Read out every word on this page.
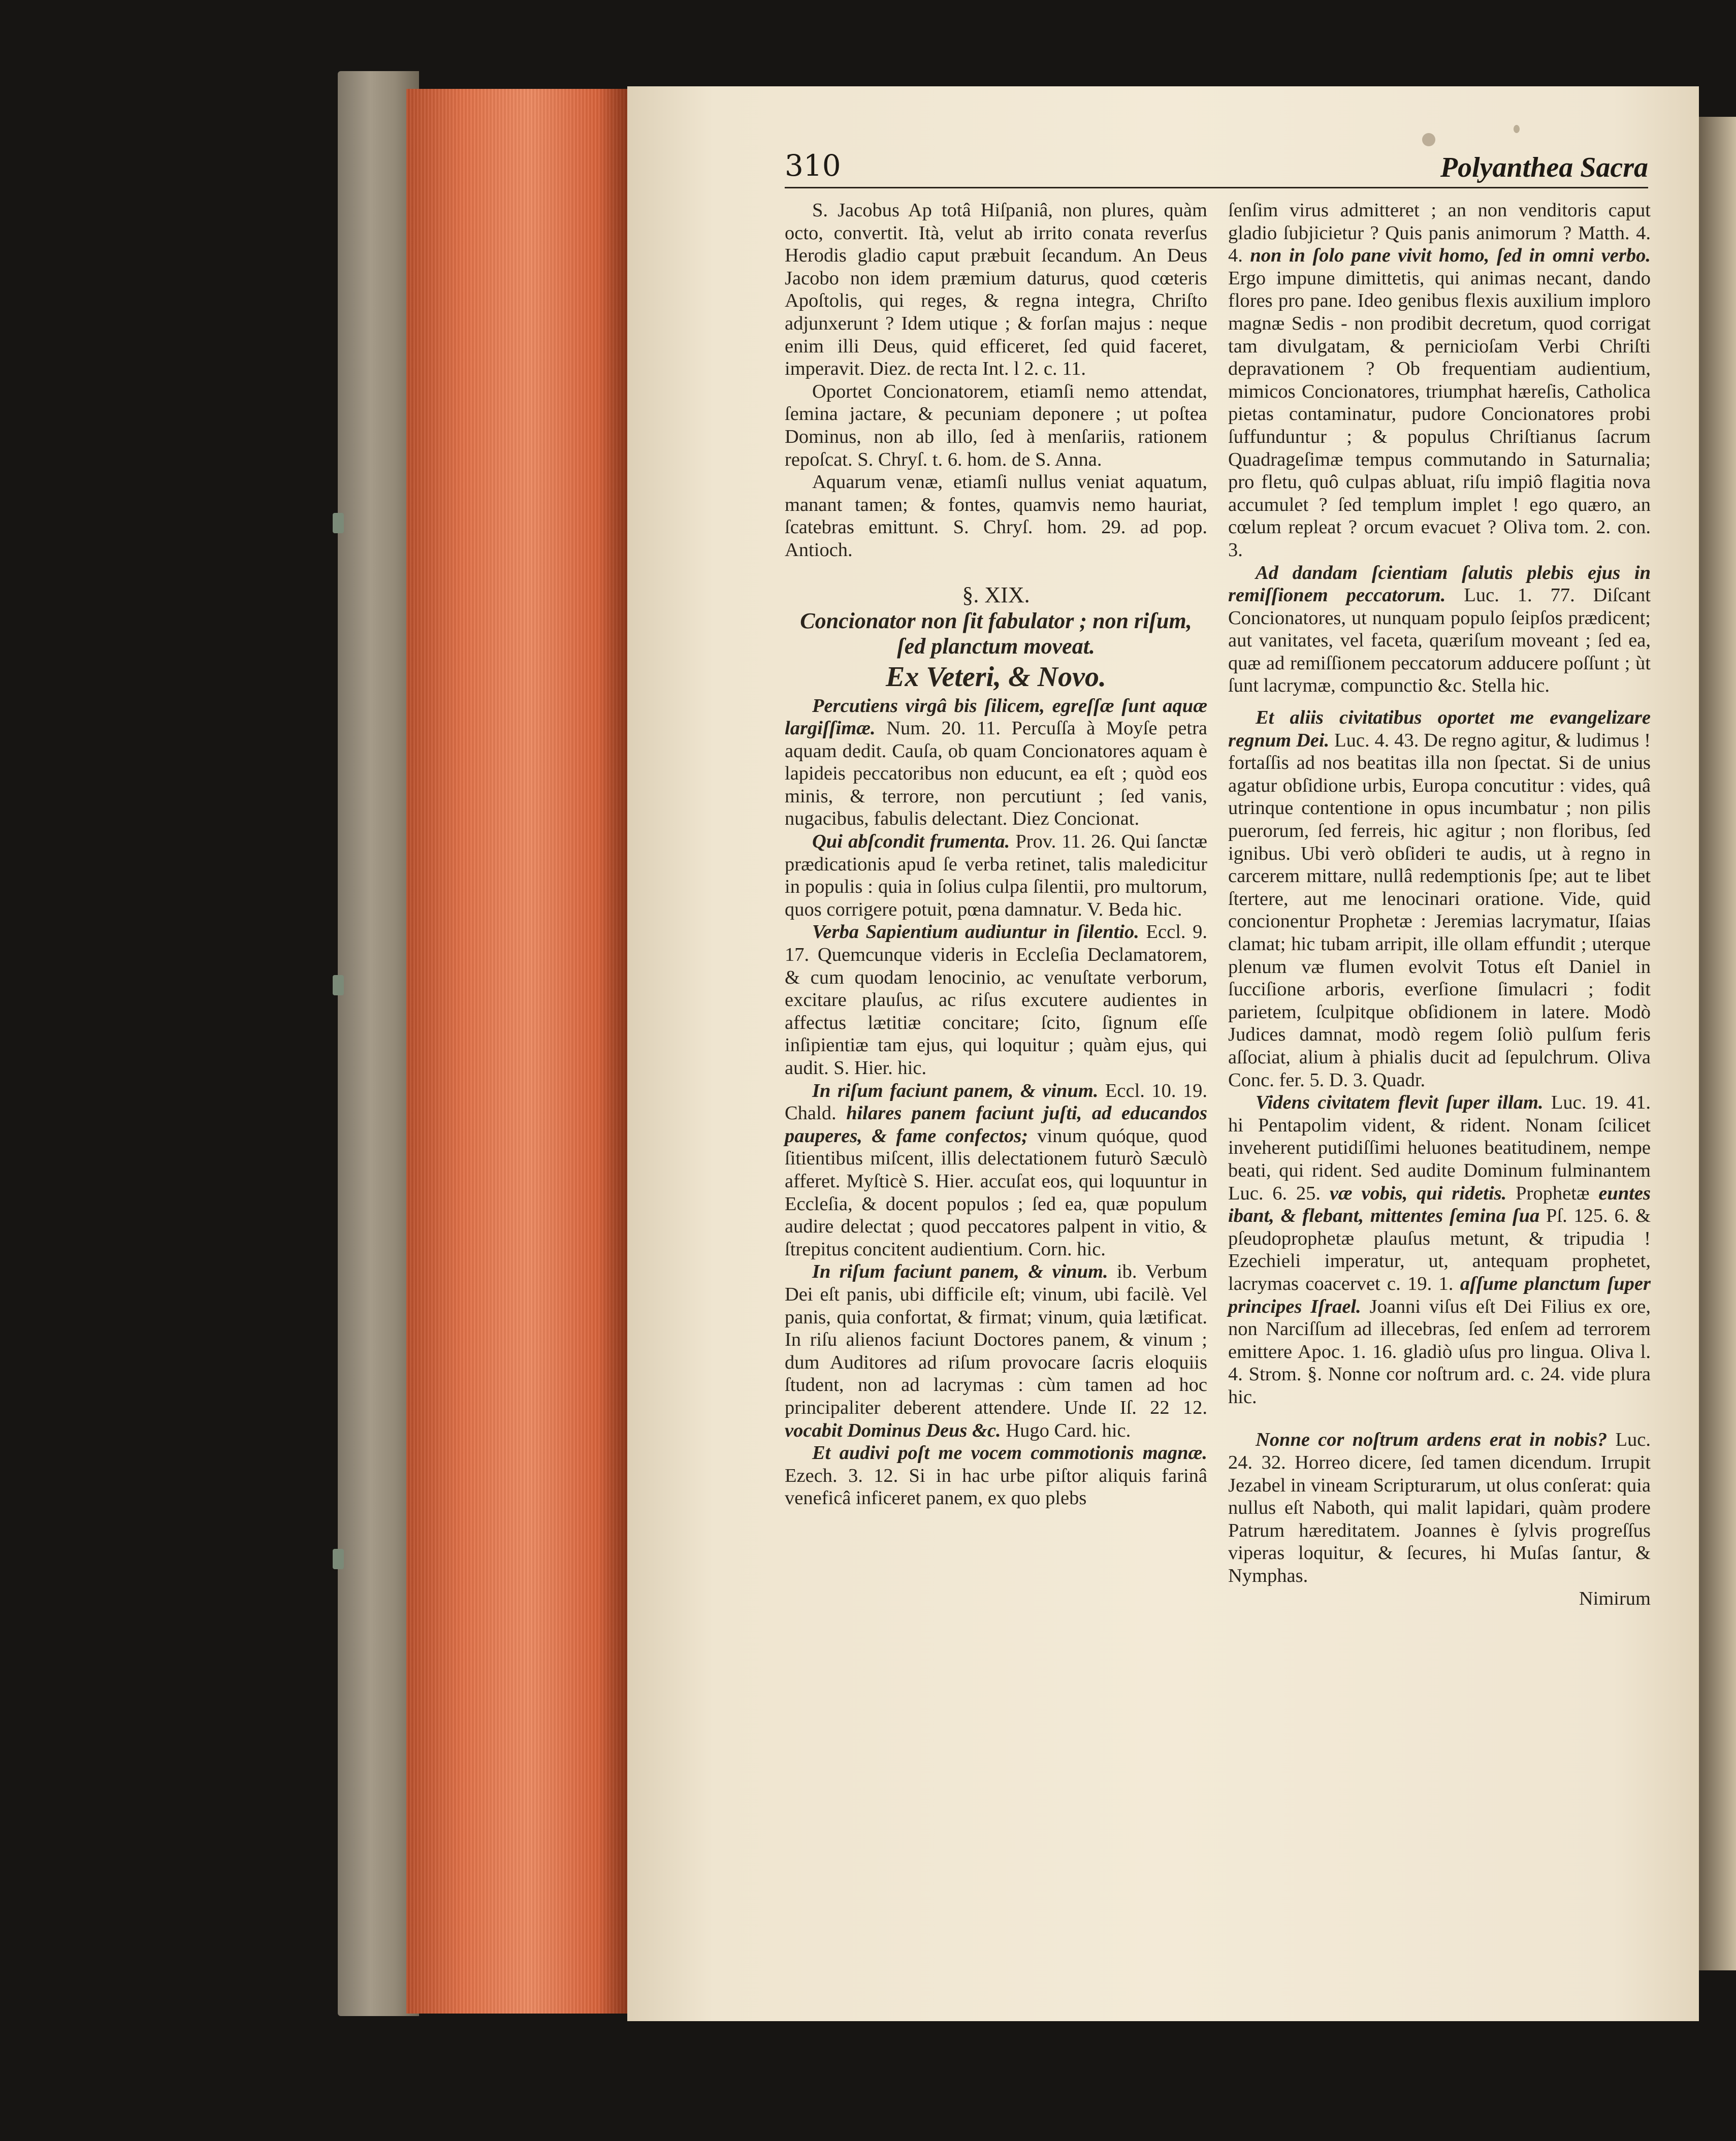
310	Polyanthea Sacra

S. Jacobus Ap totâ Hiſpaniâ, non plures, quàm octo, convertit. Ità, velut ab irrito conata reverſus Herodis gladio caput præbuit ſecandum. An Deus Jacobo non idem præmium daturus, quod cœteris Apoſtolis, qui reges, & regna integra, Chriſto adjunxerunt ? Idem utique ; & forſan majus : neque enim illi Deus, quid efficeret, ſed quid faceret, imperavit. Diez. de recta Int. l 2. c. 11.

Oportet Concionatorem, etiamſi nemo attendat, ſemina jactare, & pecuniam deponere ; ut poſtea Dominus, non ab illo, ſed à menſariis, rationem repoſcat. S. Chryſ. t. 6. hom. de S. Anna.

Aquarum venæ, etiamſi nullus veniat aquatum, manant tamen; & fontes, quamvis nemo hauriat, ſcatebras emittunt. S. Chryſ. hom. 29. ad pop. Antioch.

§. XIX.

Concionator non ſit fabulator ; non riſum, ſed planctum moveat.

Ex Veteri, & Novo.

Percutiens virgâ bis ſilicem, egreſſæ ſunt aquæ largiſſimæ. Num. 20. 11. Percuſſa à Moyſe petra aquam dedit. Cauſa, ob quam Concionatores aquam è lapideis peccatoribus non educunt, ea eſt ; quòd eos minis, & terrore, non percutiunt ; ſed vanis, nugacibus, fabulis delectant. Diez Concionat.

Qui abſcondit frumenta. Prov. 11. 26. Qui ſanctæ prædicationis apud ſe verba retinet, talis maledicitur in populis : quia in ſolius culpa ſilentii, pro multorum, quos corrigere potuit, pœna damnatur. V. Beda hic.

Verba Sapientium audiuntur in ſilentio. Eccl. 9. 17. Quemcunque videris in Eccleſia Declamatorem, & cum quodam lenocinio, ac venuſtate verborum, excitare plauſus, ac riſus excutere audientes in affectus lætitiæ concitare; ſcito, ſignum eſſe inſipientiæ tam ejus, qui loquitur ; quàm ejus, qui audit. S. Hier. hic.

In riſum faciunt panem, & vinum. Eccl. 10. 19. Chald. hilares panem faciunt juſti, ad educandos pauperes, & fame confectos; vinum quóque, quod ſitientibus miſcent, illis delectationem futurò Sæculò afferet. Myſticè S. Hier. accuſat eos, qui loquuntur in Eccleſia, & docent populos ; ſed ea, quæ populum audire delectat ; quod peccatores palpent in vitio, & ſtrepitus concitent audientium. Corn. hic.

In riſum faciunt panem, & vinum. ib. Verbum Dei eſt panis, ubi difficile eſt; vinum, ubi facilè. Vel panis, quia confortat, & firmat; vinum, quia lætificat. In riſu alienos faciunt Doctores panem, & vinum ; dum Auditores ad riſum provocare ſacris eloquiis ſtudent, non ad lacrymas : cùm tamen ad hoc principaliter deberent attendere. Unde Iſ. 22 12. vocabit Dominus Deus &c. Hugo Card. hic.

Et audivi poſt me vocem commotionis magnæ. Ezech. 3. 12. Si in hac urbe piſtor aliquis farinâ veneficâ inficeret panem, ex quo plebs

ſenſim virus admitteret ; an non venditoris caput gladio ſubjicietur ? Quis panis animorum ? Matth. 4. 4. non in ſolo pane vivit homo, ſed in omni verbo. Ergo impune dimittetis, qui animas necant, dando flores pro pane. Ideo genibus flexis auxilium imploro magnæ Sedis - non prodibit decretum, quod corrigat tam divulgatam, & pernicioſam Verbi Chriſti depravationem ? Ob frequentiam audientium, mimicos Concionatores, triumphat hæreſis, Catholica pietas contaminatur, pudore Concionatores probi ſuffunduntur ; & populus Chriſtianus ſacrum Quadrageſimæ tempus commutando in Saturnalia; pro fletu, quô culpas abluat, riſu impiô flagitia nova accumulet ? ſed templum implet ! ego quæro, an cœlum repleat ? orcum evacuet ? Oliva tom. 2. con. 3.

Ad dandam ſcientiam ſalutis plebis ejus in remiſſionem peccatorum. Luc. 1. 77. Diſcant Concionatores, ut nunquam populo ſeipſos prædicent; aut vanitates, vel faceta, quæriſum moveant ; ſed ea, quæ ad remiſſionem peccatorum adducere poſſunt ; ùt ſunt lacrymæ, compunctio &c. Stella hic.

Et aliis civitatibus oportet me evangelizare regnum Dei. Luc. 4. 43. De regno agitur, & ludimus ! fortaſſis ad nos beatitas illa non ſpectat. Si de unius agatur obſidione urbis, Europa concutitur : vides, quâ utrinque contentione in opus incumbatur ; non pilis puerorum, ſed ferreis, hic agitur ; non floribus, ſed ignibus. Ubi verò obſideri te audis, ut à regno in carcerem mittare, nullâ redemptionis ſpe; aut te libet ſtertere, aut me lenocinari oratione. Vide, quid concionentur Prophetæ : Jeremias lacrymatur, Iſaias clamat; hic tubam arripit, ille ollam effundit ; uterque plenum væ flumen evolvit Totus eſt Daniel in ſucciſione arboris, everſione ſimulacri ; fodit parietem, ſculpitque obſidionem in latere. Modò Judices damnat, modò regem ſoliò pulſum feris aſſociat, alium à phialis ducit ad ſepulchrum. Oliva Conc. fer. 5. D. 3. Quadr.

Videns civitatem flevit ſuper illam. Luc. 19. 41. hi Pentapolim vident, & rident. Nonam ſcilicet inveherent putidiſſimi heluones beatitudinem, nempe beati, qui rident. Sed audite Dominum fulminantem Luc. 6. 25. væ vobis, qui ridetis. Prophetæ euntes ibant, & flebant, mittentes ſemina ſua Pſ. 125. 6. & pſeudoprophetæ plauſus metunt, & tripudia ! Ezechieli imperatur, ut, antequam prophetet, lacrymas coacervet c. 19. 1. aſſume planctum ſuper principes Iſrael. Joanni viſus eſt Dei Filius ex ore, non Narciſſum ad illecebras, ſed enſem ad terrorem emittere Apoc. 1. 16. gladiò uſus pro lingua. Oliva l. 4. Strom. §. Nonne cor noſtrum ard. c. 24. vide plura hic.

Nonne cor noſtrum ardens erat in nobis? Luc. 24. 32. Horreo dicere, ſed tamen dicendum. Irrupit Jezabel in vineam Scripturarum, ut olus conſerat: quia nullus eſt Naboth, qui malit lapidari, quàm prodere Patrum hæreditatem. Joannes è ſylvis progreſſus viperas loquitur, & ſecures, hi Muſas ſantur, & Nymphas.

Nimirum
